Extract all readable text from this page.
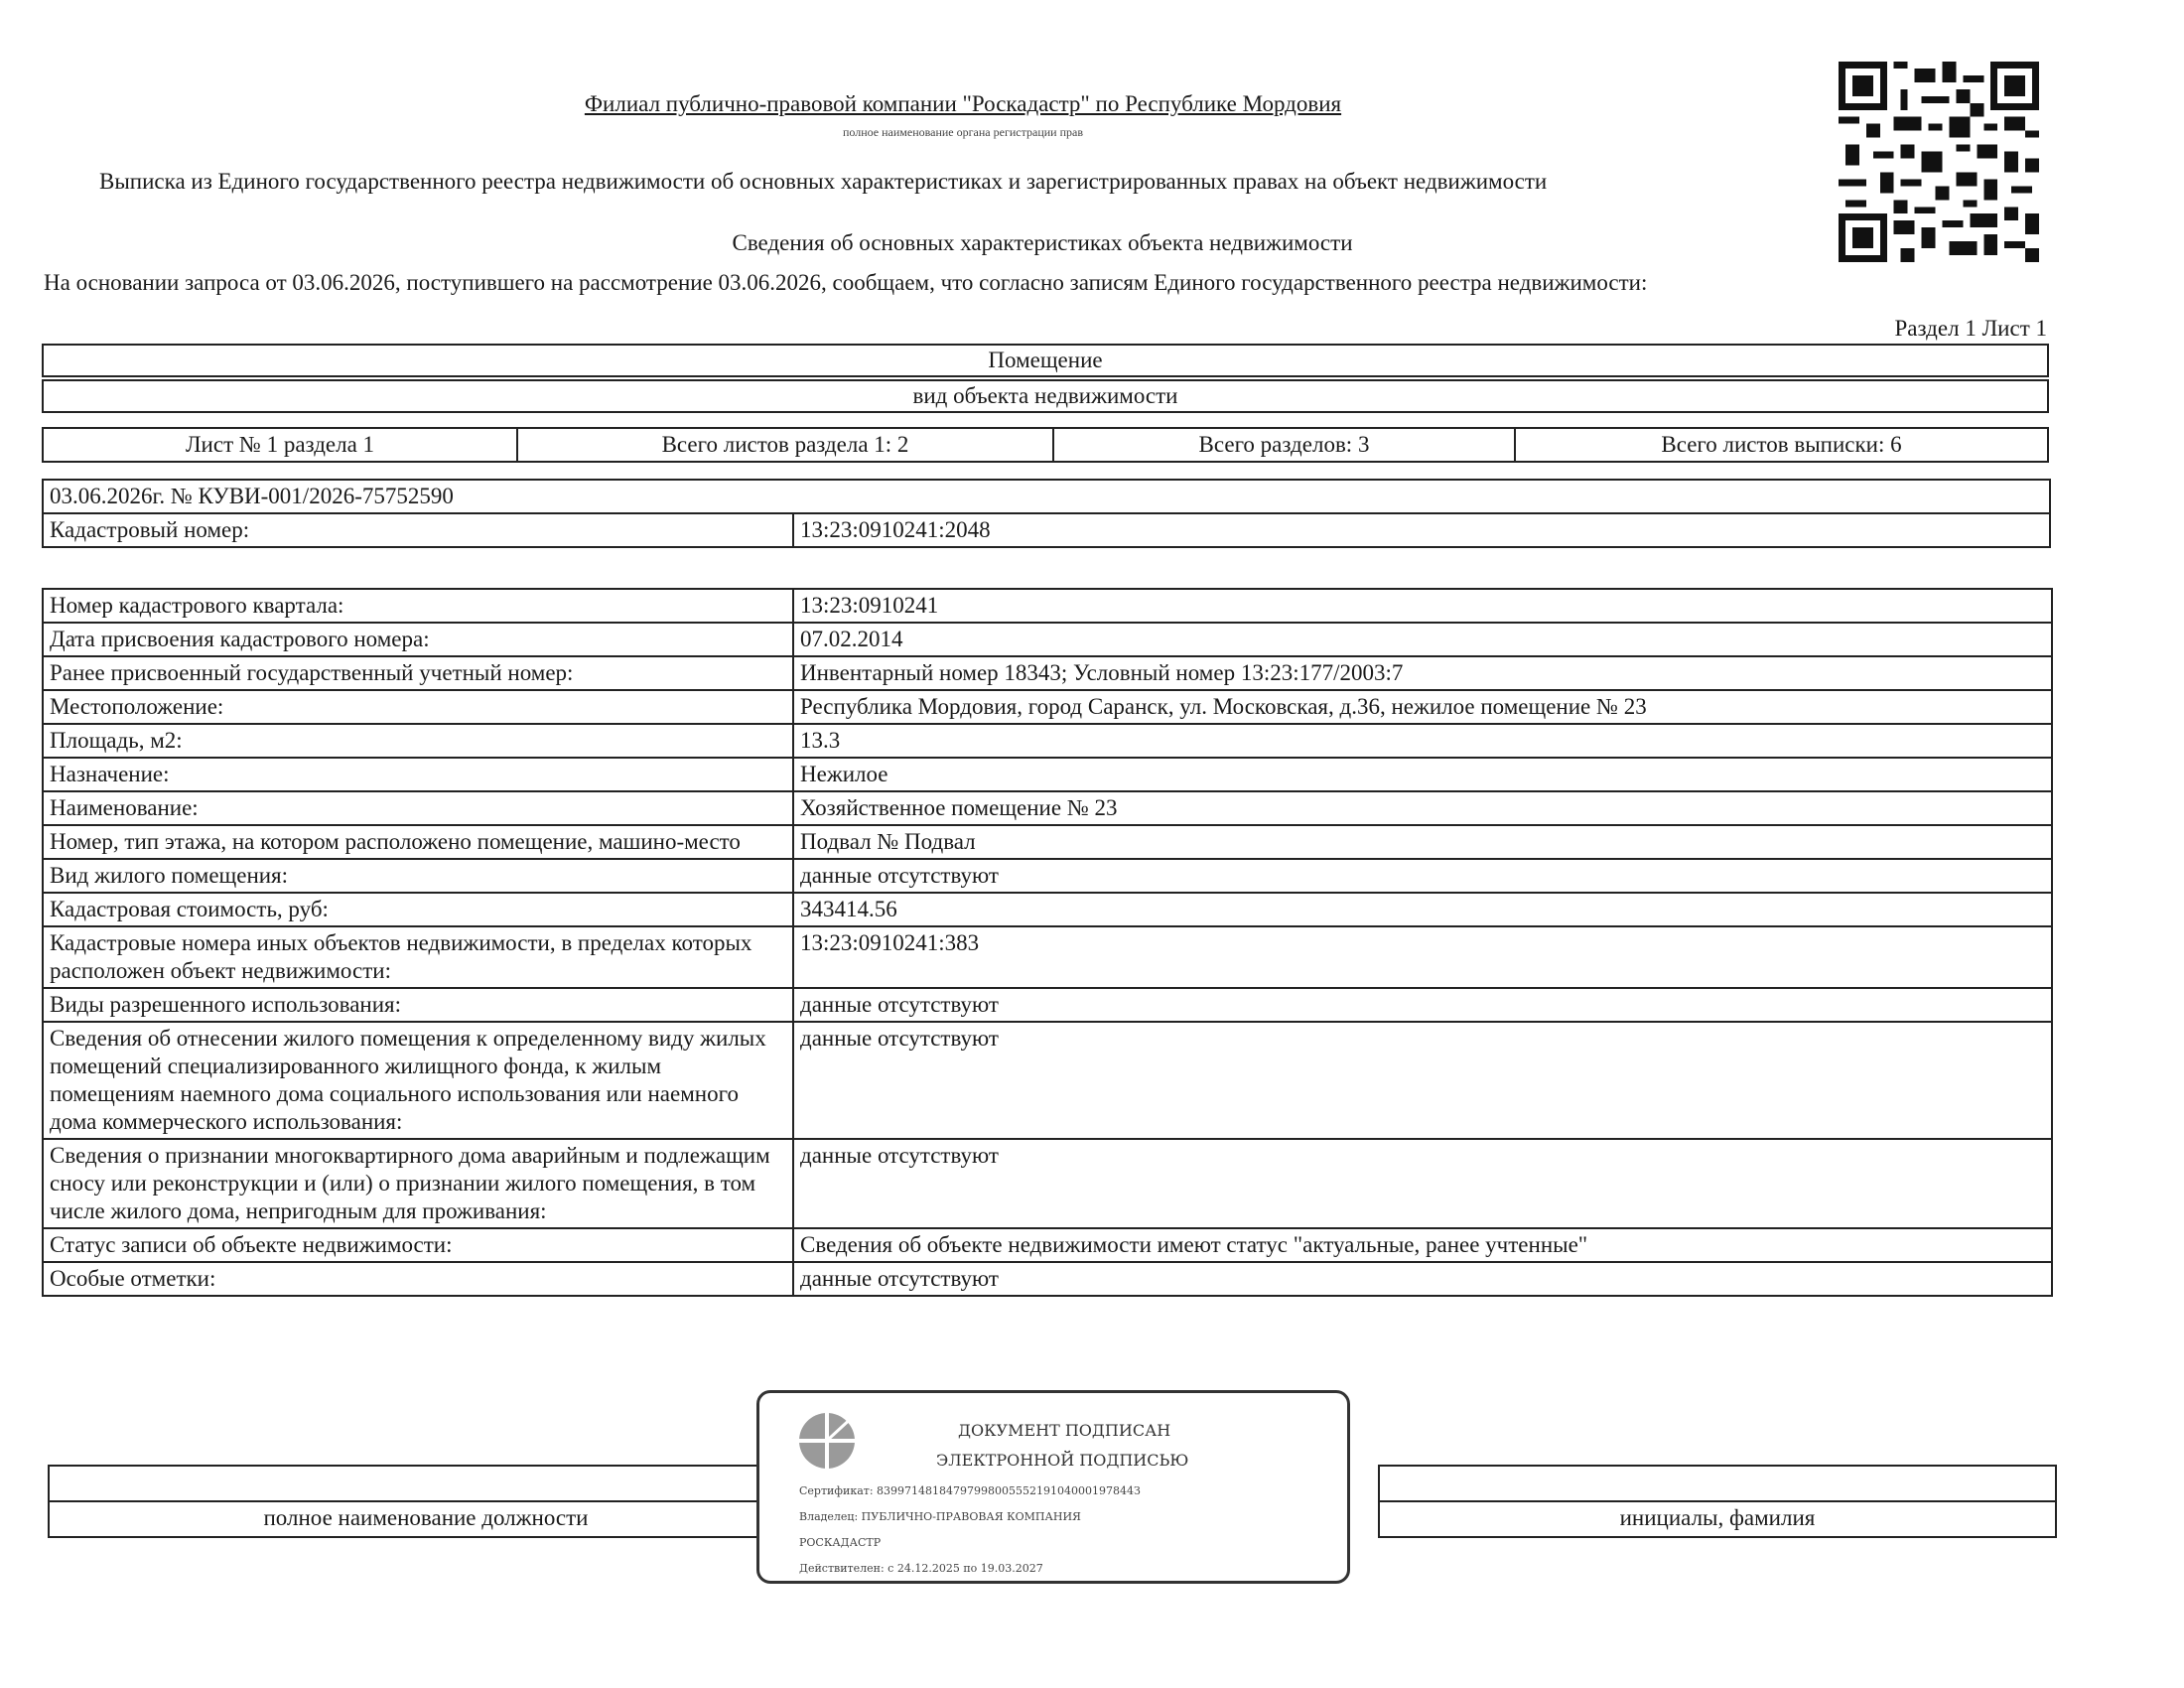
Филиал публично-правовой компании "Роскадастр" по Республике Мордовия
полное наименование органа регистрации прав
Выписка из Единого государственного реестра недвижимости об основных характеристиках и зарегистрированных правах на объект недвижимости
Сведения об основных характеристиках объекта недвижимости
На основании запроса от 03.06.2026, поступившего на рассмотрение 03.06.2026, сообщаем, что согласно записям Единого государственного реестра недвижимости:
Раздел 1 Лист 1
Помещение
вид объекта недвижимости
Лист № 1 раздела 1	Всего листов раздела 1: 2	Всего разделов: 3	Всего листов выписки: 6
03.06.2026г. № КУВИ-001/2026-75752590
Кадастровый номер:	13:23:0910241:2048
Номер кадастрового квартала:	13:23:0910241
Дата присвоения кадастрового номера:	07.02.2014
Ранее присвоенный государственный учетный номер:	Инвентарный номер 18343; Условный номер 13:23:177/2003:7
Местоположение:	Республика Мордовия, город Саранск, ул. Московская, д.36, нежилое помещение № 23
Площадь, м2:	13.3
Назначение:	Нежилое
Наименование:	Хозяйственное помещение № 23
Номер, тип этажа, на котором расположено помещение, машино-место	Подвал № Подвал
Вид жилого помещения:	данные отсутствуют
Кадастровая стоимость, руб:	343414.56
Кадастровые номера иных объектов недвижимости, в пределах которых расположен объект недвижимости:	13:23:0910241:383
Виды разрешенного использования:	данные отсутствуют
Сведения об отнесении жилого помещения к определенному виду жилых помещений специализированного жилищного фонда, к жилым помещениям наемного дома социального использования или наемного дома коммерческого использования:	данные отсутствуют
Сведения о признании многоквартирного дома аварийным и подлежащим сносу или реконструкции и (или) о признании жилого помещения, в том числе жилого дома, непригодным для проживания:	данные отсутствуют
Статус записи об объекте недвижимости:	Сведения об объекте недвижимости имеют статус "актуальные, ранее учтенные"
Особые отметки:	данные отсутствуют

полное наименование должности		инициалы, фамилия
ДОКУМЕНТ ПОДПИСАН
ЭЛЕКТРОННОЙ ПОДПИСЬЮ
Сертификат: 8399714818479799800555219104000197844З
Владелец: ПУБЛИЧНО-ПРАВОВАЯ КОМПАНИЯ
РОСКАДАСТР
Действителен: с 24.12.2025 по 19.03.2027
